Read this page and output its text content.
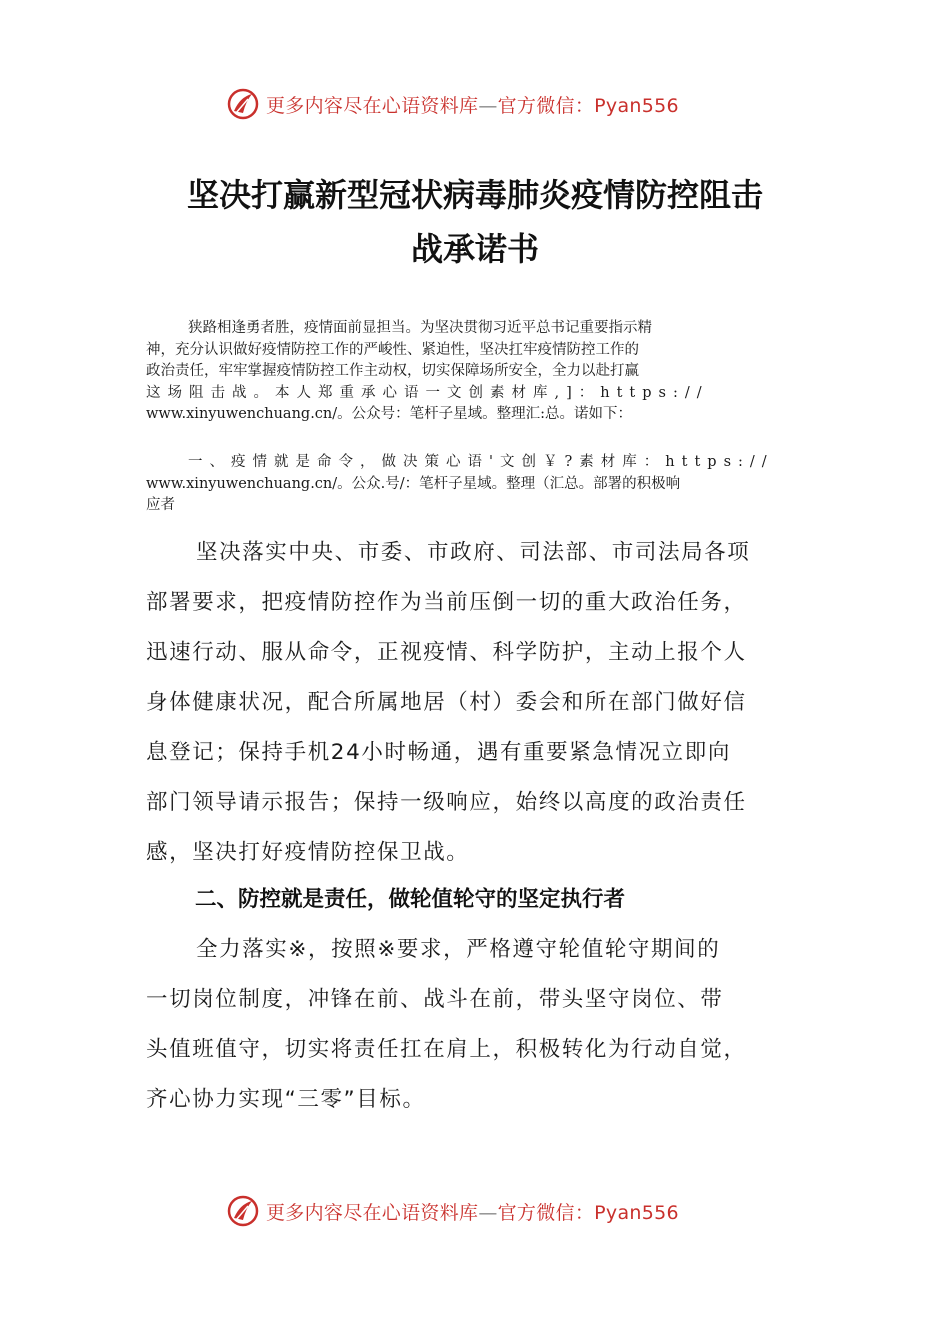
更多内容尽在心语资料库—官方微信：Pyan556
坚决打赢新型冠状病毒肺炎疫情防控阻击
战承诺书
狭路相逢勇者胜，疫情面前显担当。为坚决贯彻习近平总书记重要指示精
神，充分认识做好疫情防控工作的严峻性、紧迫性，坚决扛牢疫情防控工作的
政治责任，牢牢掌握疫情防控工作主动权，切实保障场所安全，全力以赴打赢
这场阻击战。本人郑重承心语一文创素材库,]：https://
www.xinyuwenchuang.cn/。公众号：笔杆子星域。整理汇:总。诺如下：
一、疫情就是命令，做决策心语'文创￥?素材库：https://
www.xinyuwenchuang.cn/。公众.号/：笔杆子星域。整理（汇总。部署的积极响
应者
坚决落实中央、市委、市政府、司法部、市司法局各项
部署要求，把疫情防控作为当前压倒一切的重大政治任务，
迅速行动、服从命令，正视疫情、科学防护，主动上报个人
身体健康状况，配合所属地居（村）委会和所在部门做好信
息登记；保持手机24小时畅通，遇有重要紧急情况立即向
部门领导请示报告；保持一级响应，始终以高度的政治责任
感，坚决打好疫情防控保卫战。
二、防控就是责任，做轮值轮守的坚定执行者
全力落实※，按照※要求，严格遵守轮值轮守期间的
一切岗位制度，冲锋在前、战斗在前，带头坚守岗位、带
头值班值守，切实将责任扛在肩上，积极转化为行动自觉，
齐心协力实现“三零”目标。
更多内容尽在心语资料库—官方微信：Pyan556
